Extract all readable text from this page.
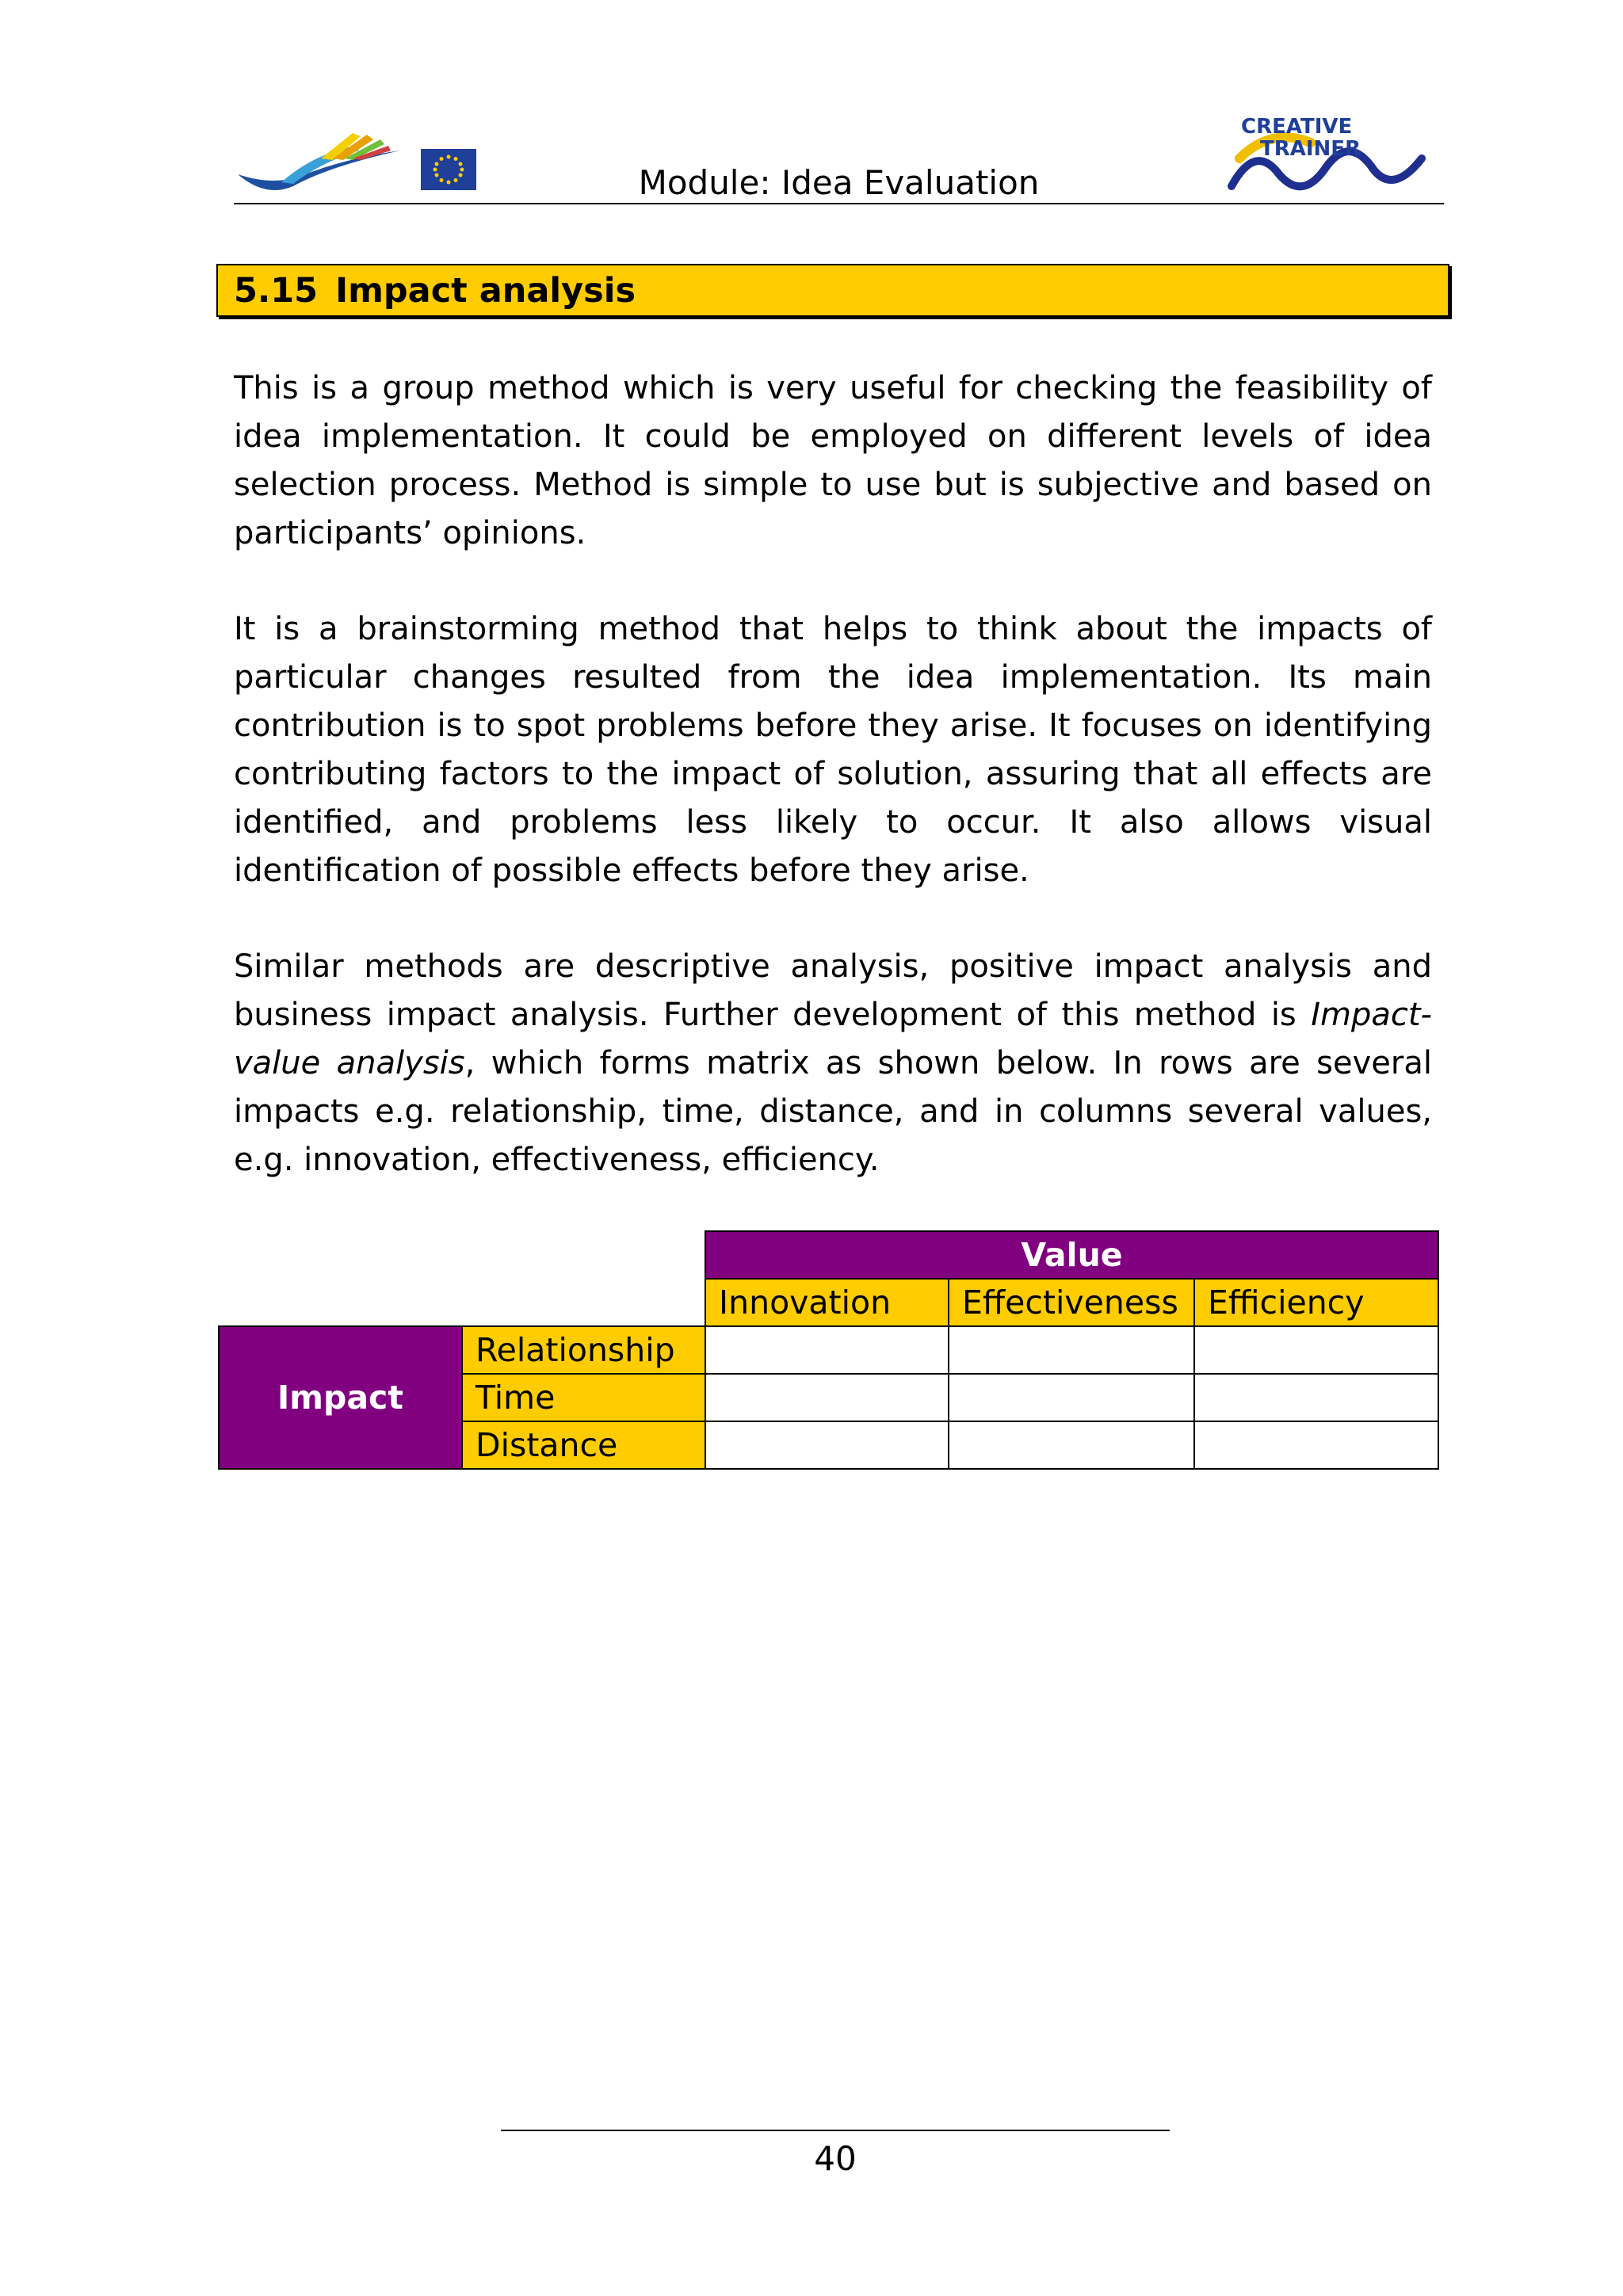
Module: Idea Evaluation
CREATIVE
TRAINER
5.15 Impact analysis

This is a group method which is very useful for checking the feasibility of idea implementation. It could be employed on different levels of idea selection process. Method is simple to use but is subjective and based on participants’ opinions.

It is a brainstorming method that helps to think about the impacts of particular changes resulted from the idea implementation. Its main contribution is to spot problems before they arise. It focuses on identifying contributing factors to the impact of solution, assuring that all effects are identified, and problems less likely to occur. It also allows visual identification of possible effects before they arise.

Similar methods are descriptive analysis, positive impact analysis and business impact analysis. Further development of this method is Impact-value analysis, which forms matrix as shown below. In rows are several impacts e.g. relationship, time, distance, and in columns several values, e.g. innovation, effectiveness, efficiency.

		Value		
		Innovation	Effectiveness	Efficiency
Impact	Relationship			
	Time			
	Distance			
40
